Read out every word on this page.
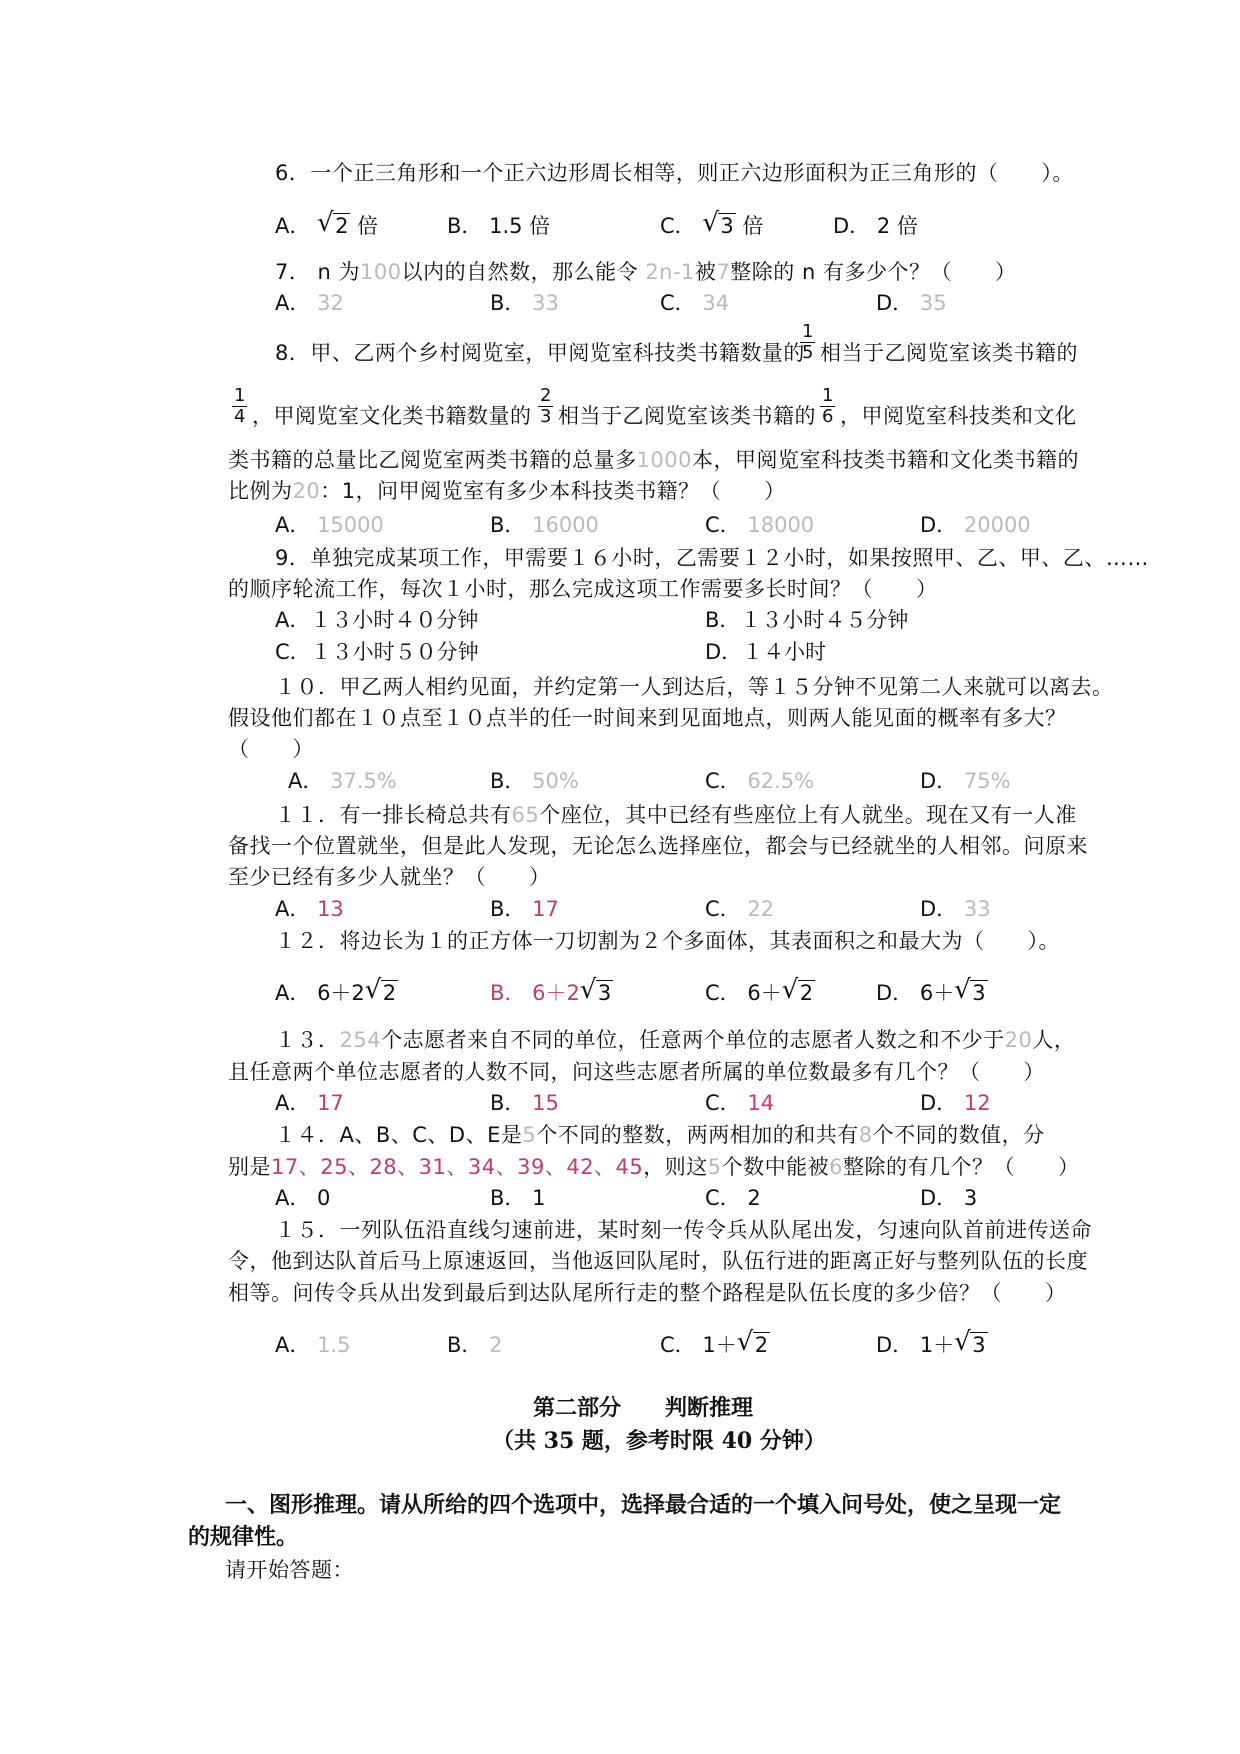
6．一个正三角形和一个正六边形周长相等，则正六边形面积为正三角形的（　　）。
A． √ 2 倍	B． 1.5 倍	C． √ 3 倍	D． 2 倍
7． n 为100以内的自然数，那么能令 2n-1被7整除的 n 有多少个？（　　）
A． 32	B． 33	C． 34	D． 35
8．甲、乙两个乡村阅览室，甲阅览室科技类书籍数量的
$\frac{1}{5}$ 相当于乙阅览室该类书籍的
$\frac{1}{4}$ ，甲阅览室文化类书籍数量的 $\frac{2}{3}$ 相当于乙阅览室该类书籍的 $\frac{1}{6}$ ，甲阅览室科技类和文化
类书籍的总量比乙阅览室两类书籍的总量多1000本，甲阅览室科技类书籍和文化类书籍的
比例为20：1，问甲阅览室有多少本科技类书籍？（　　）
A． 15000	B． 16000	C． 18000	D． 20000
9．单独完成某项工作，甲需要１６小时，乙需要１２小时，如果按照甲、乙、甲、乙、……
的顺序轮流工作，每次１小时，那么完成这项工作需要多长时间？（　　）
A．１３小时４０分钟	B．１３小时４５分钟
C．１３小时５０分钟	D．１４小时
１０．甲乙两人相约见面，并约定第一人到达后，等１５分钟不见第二人来就可以离去。
假设他们都在１０点至１０点半的任一时间来到见面地点，则两人能见面的概率有多大？
（　　）
A． 37.5%	B． 50%	C． 62.5%	D． 75%
１１．有一排长椅总共有65个座位，其中已经有些座位上有人就坐。现在又有一人准
备找一个位置就坐，但是此人发现，无论怎么选择座位，都会与已经就坐的人相邻。问原来
至少已经有多少人就坐？（　　）
A． 13	B． 17	C． 22	D． 33
１２．将边长为１的正方体一刀切割为２个多面体，其表面积之和最大为（　　）。
A． 6＋2 √ 2	B． 6＋2 √ 3	C． 6＋ √ 2	D． 6＋ √ 3
１３．254个志愿者来自不同的单位，任意两个单位的志愿者人数之和不少于20人，
且任意两个单位志愿者的人数不同，问这些志愿者所属的单位数最多有几个？（　　）
A． 17	B． 15	C． 14	D． 12
１４．A、B、C、D、E是5个不同的整数，两两相加的和共有8个不同的数值，分
别是17、25、28、31、34、39、42、45，则这5个数中能被6整除的有几个？（　　）
A． 0	B． 1	C． 2	D． 3
１５．一列队伍沿直线匀速前进，某时刻一传令兵从队尾出发，匀速向队首前进传送命
令，他到达队首后马上原速返回，当他返回队尾时，队伍行进的距离正好与整列队伍的长度
相等。问传令兵从出发到最后到达队尾所行走的整个路程是队伍长度的多少倍？（　　）
A． 1.5	B． 2	C． 1＋ √ 2	D． 1＋ √ 3
第二部分　　判断推理
（共 35 题，参考时限 40 分钟）
一、图形推理。请从所给的四个选项中，选择最合适的一个填入问号处，使之呈现一定
的规律性。
请开始答题：
